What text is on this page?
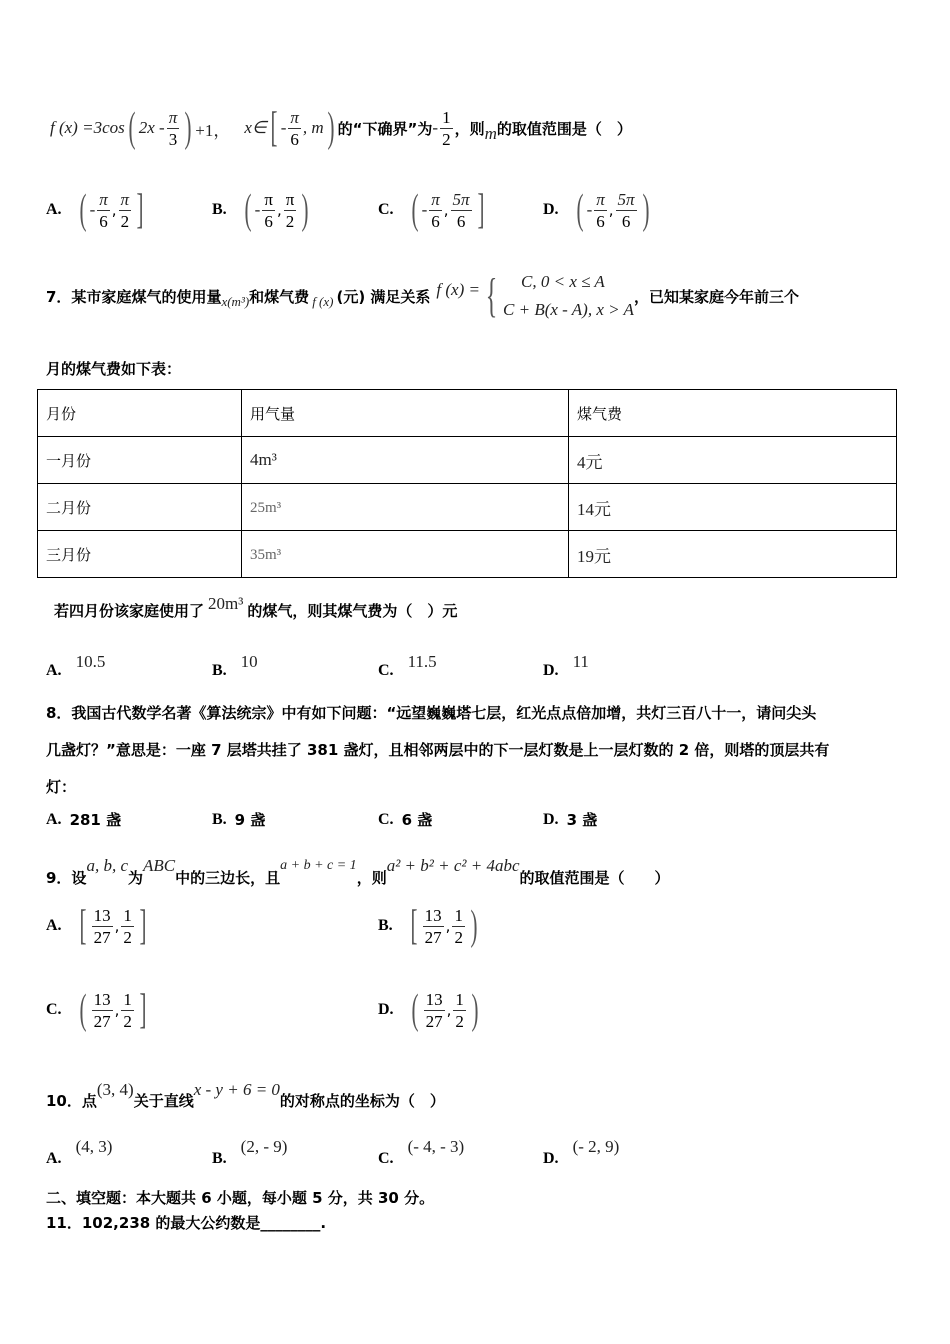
f (x) =3cos ( $2x - \frac{\pi}{3}$ ) +1， x∈ [ - $\frac{\pi}{6}$ , m ) 的“下确界”为 - $\frac{1}{2}$ ，则 m 的取值范围是（　）
A. ( - $\frac{\pi}{6}$ , $\frac{\pi}{2}$ ]	B. ( - $\frac{\pi}{6}$ , $\frac{\pi}{2}$ )	C. ( - $\frac{\pi}{6}$ , $\frac{5\pi}{6}$ ]	D. ( - $\frac{\pi}{6}$ , $\frac{5\pi}{6}$ )
7．某市家庭煤气的使用量 x(m³) 和煤气费 f (x) (元) 满足关系 f (x) = {	C, 0 < x ≤ A
C + B(x - A), x > A
，已知某家庭今年前三个
月的煤气费如下表：
月份	用气量	煤气费
一月份	4m³	4元
二月份	25m³	14元
三月份	35m³	19元
若四月份该家庭使用了 20m³ 的煤气，则其煤气费为（　）元
A. 10.5	B. 10	C. 11.5	D. 11
8．我国古代数学名著《算法统宗》中有如下问题：“远望巍巍塔七层，红光点点倍加增，共灯三百八十一，请问尖头
几盏灯？”意思是：一座 7 层塔共挂了 381 盏灯，且相邻两层中的下一层灯数是上一层灯数的 2 倍，则塔的顶层共有
灯：
A. 281 盏	B. 9 盏	C. 6 盏	D. 3 盏
9．设
a, b, c
为
ABC
中的三边长，且
a + b + c = 1
，则
a² + b² + c² + 4abc
的取值范围是（　　）
A. [ $\frac{13}{27}$ , $\frac{1}{2}$ ]	B. [ $\frac{13}{27}$ , $\frac{1}{2}$ )
C. ( $\frac{13}{27}$ , $\frac{1}{2}$ ]	D. ( $\frac{13}{27}$ , $\frac{1}{2}$ )
10．点
(3, 4)
关于直线
x - y + 6 = 0
的对称点的坐标为（　）
A.
(4, 3)
B.
(2, - 9)
C.
(- 4, - 3)
D.
(- 2, 9)
二、填空题：本大题共 6 小题，每小题 5 分，共 30 分。
11．102,238 的最大公约数是________.
